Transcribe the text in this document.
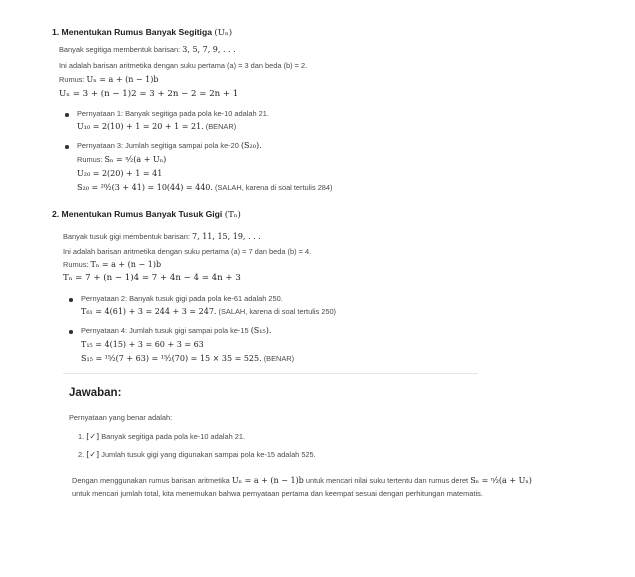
1. Menentukan Rumus Banyak Segitiga (Uₙ)
Banyak segitiga membentuk barisan: 3, 5, 7, 9, . . .
Ini adalah barisan aritmetika dengan suku pertama (a) = 3 dan beda (b) = 2.
Rumus: Uₙ = a + (n − 1)b
Uₙ = 3 + (n − 1)2 = 3 + 2n − 2 = 2n + 1
Pernyataan 1: Banyak segitiga pada pola ke-10 adalah 21.
U₁₀ = 2(10) + 1 = 20 + 1 = 21. (BENAR)
Pernyataan 3: Jumlah segitiga sampai pola ke-20 (S₂₀).
Rumus: Sₙ = ⁿ⁄₂(a + Uₙ)
U₂₀ = 2(20) + 1 = 41
S₂₀ = ²⁰⁄₂(3 + 41) = 10(44) = 440. (SALAH, karena di soal tertulis 284)
2. Menentukan Rumus Banyak Tusuk Gigi (Tₙ)
Banyak tusuk gigi membentuk barisan: 7, 11, 15, 19, . . .
Ini adalah barisan aritmetika dengan suku pertama (a) = 7 dan beda (b) = 4.
Rumus: Tₙ = a + (n − 1)b
Tₙ = 7 + (n − 1)4 = 7 + 4n − 4 = 4n + 3
Pernyataan 2: Banyak tusuk gigi pada pola ke-61 adalah 250.
T₆₁ = 4(61) + 3 = 244 + 3 = 247. (SALAH, karena di soal tertulis 250)
Pernyataan 4: Jumlah tusuk gigi sampai pola ke-15 (S₁₅).
T₁₅ = 4(15) + 3 = 60 + 3 = 63
S₁₅ = ¹⁵⁄₂(7 + 63) = ¹⁵⁄₂(70) = 15 × 35 = 525. (BENAR)
Jawaban:
Pernyataan yang benar adalah:
1. [✓] Banyak segitiga pada pola ke-10 adalah 21.
2. [✓] Jumlah tusuk gigi yang digunakan sampai pola ke-15 adalah 525.
Dengan menggunakan rumus barisan aritmetika Uₙ = a + (n − 1)b untuk mencari nilai suku tertentu dan rumus deret Sₙ = ⁿ⁄₂(a + Uₙ) untuk mencari jumlah total, kita menemukan bahwa pernyataan pertama dan keempat sesuai dengan perhitungan matematis.
